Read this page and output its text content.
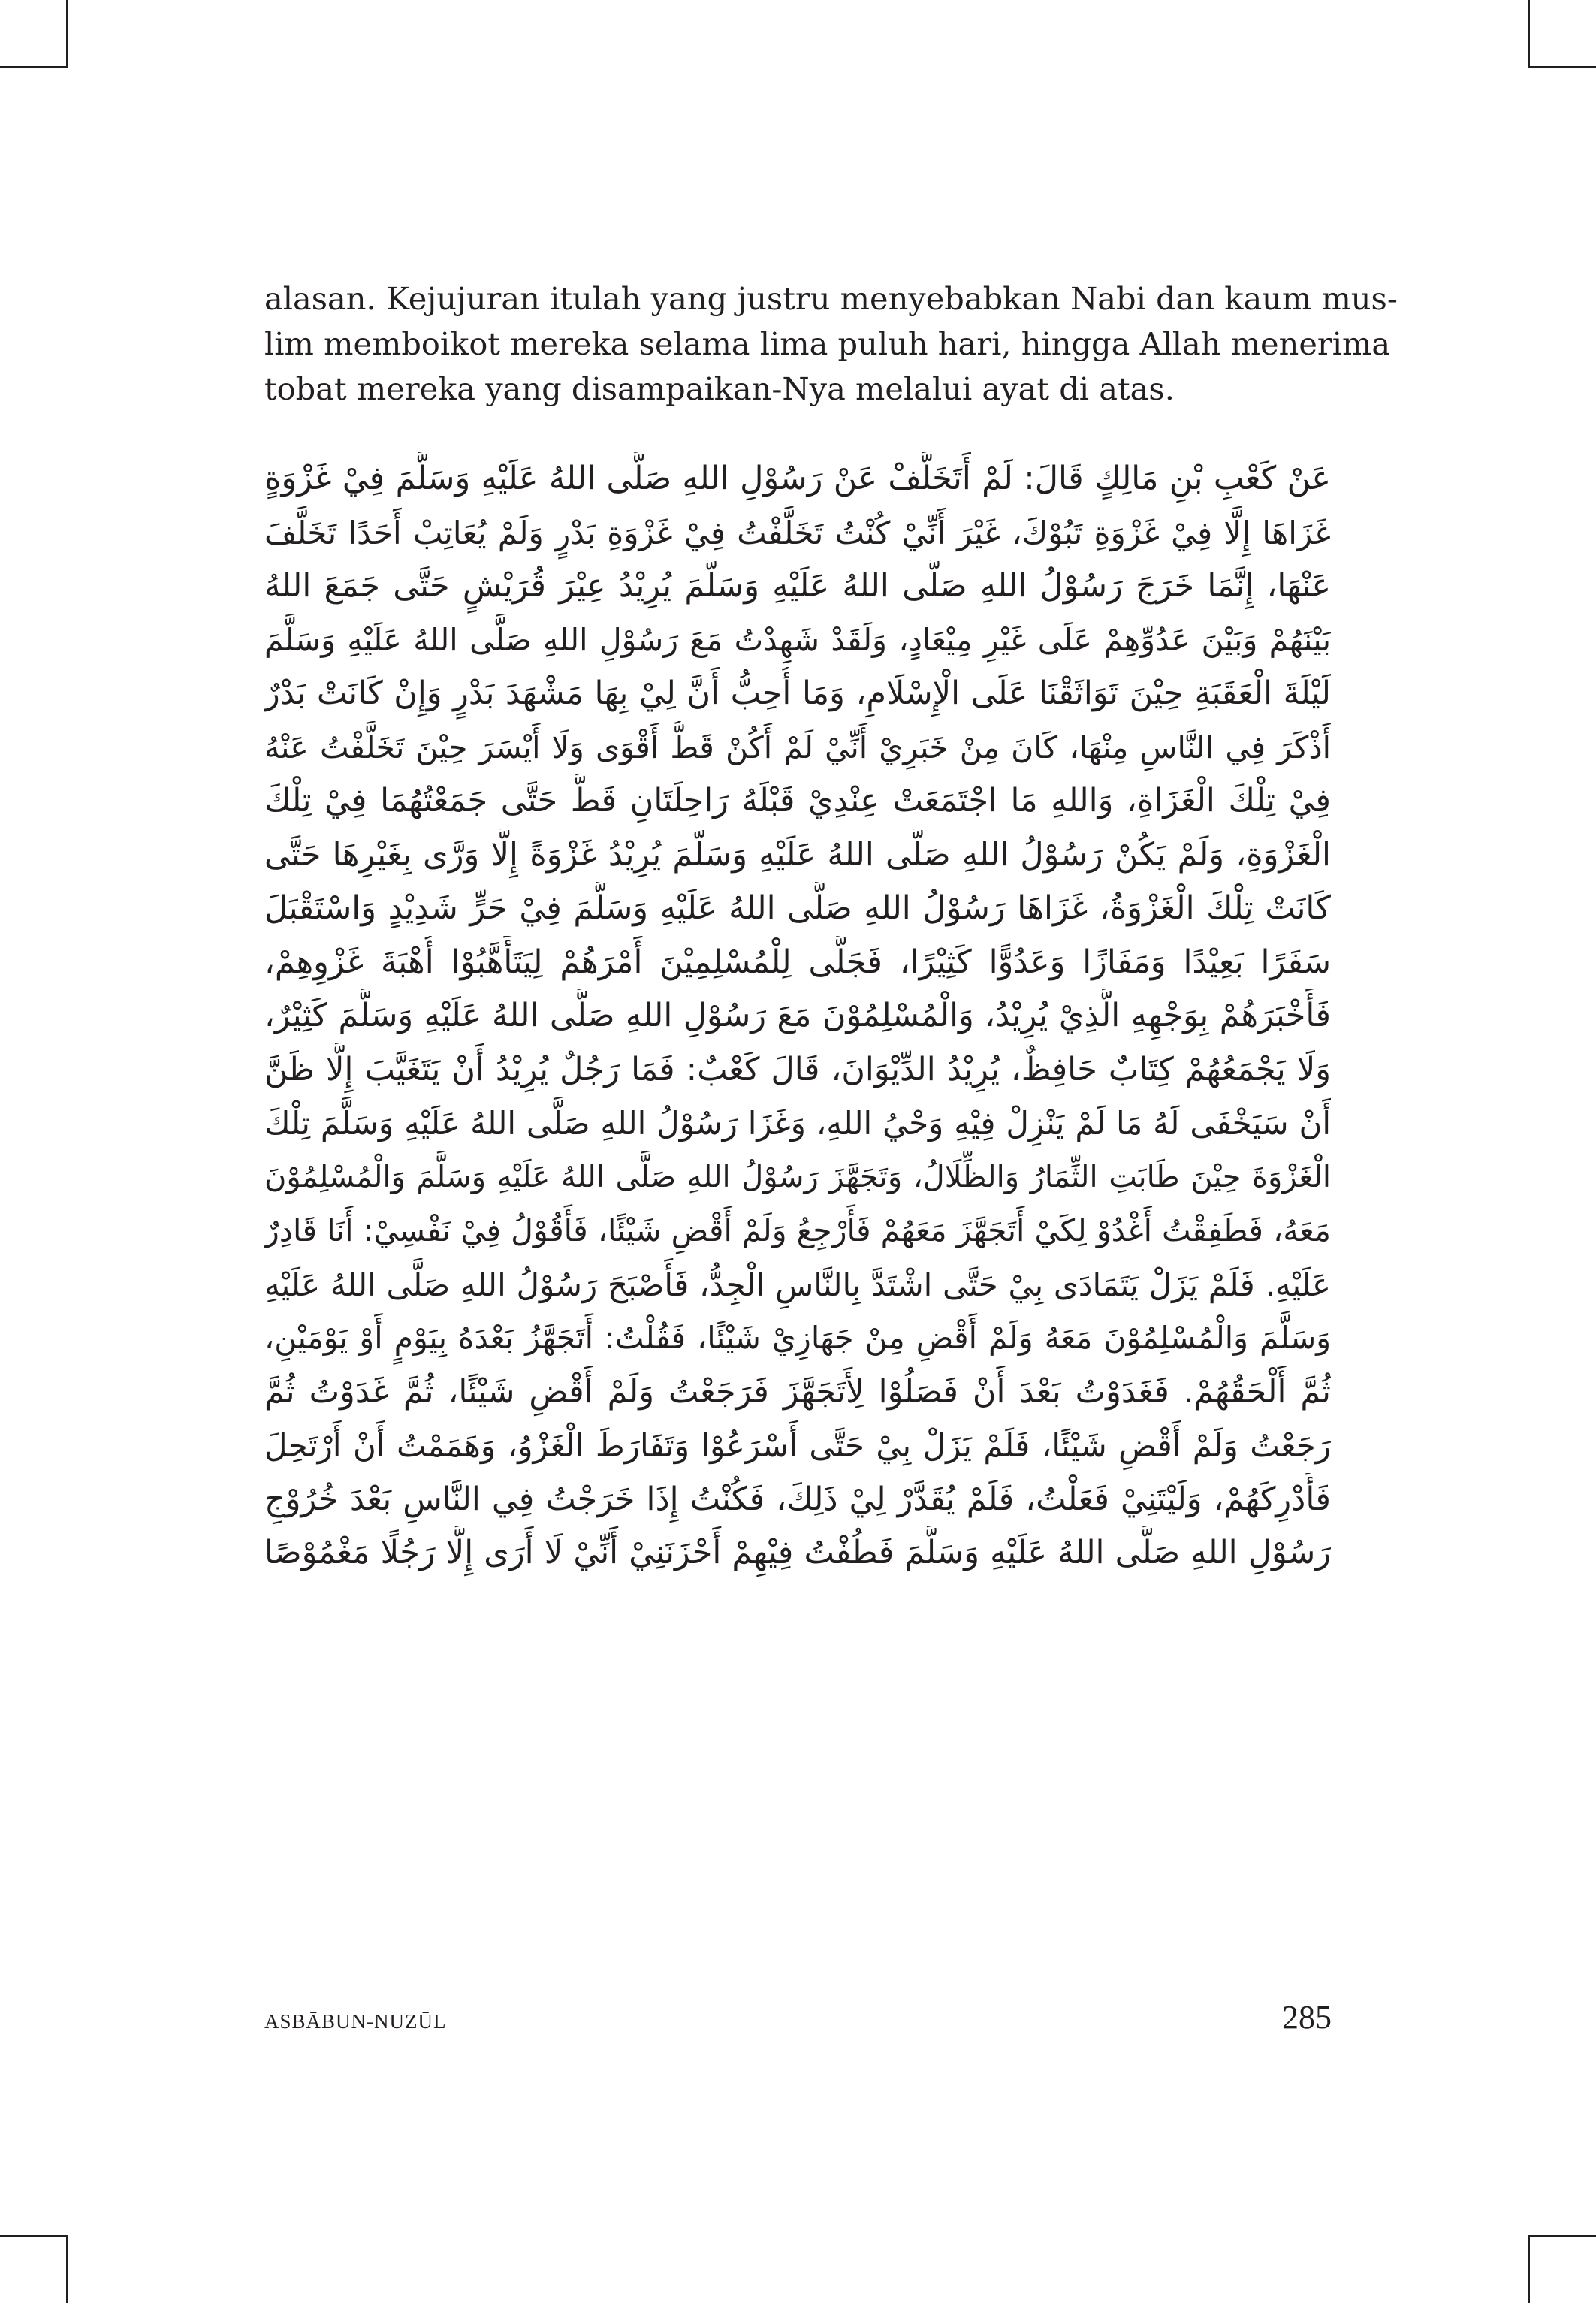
alasan. Kejujuran itulah yang justru menyebabkan Nabi dan kaum mus-
lim memboikot mereka selama lima puluh hari, hingga Allah menerima
tobat mereka yang disampaikan-Nya melalui ayat di atas.
عَنْ كَعْبِ بْنِ مَالِكٍ قَالَ: لَمْ أَتَخَلَّفْ عَنْ رَسُوْلِ اللهِ صَلَّى اللهُ عَلَيْهِ وَسَلَّمَ فِيْ غَزْوَةٍ
غَزَاهَا إِلَّا فِيْ غَزْوَةِ تَبُوْكَ، غَيْرَ أَنِّيْ كُنْتُ تَخَلَّفْتُ فِيْ غَزْوَةِ بَدْرٍ وَلَمْ يُعَاتِبْ أَحَدًا تَخَلَّفَ
عَنْهَا، إِنَّمَا خَرَجَ رَسُوْلُ اللهِ صَلَّى اللهُ عَلَيْهِ وَسَلَّمَ يُرِيْدُ عِيْرَ قُرَيْشٍ حَتَّى جَمَعَ اللهُ
بَيْنَهُمْ وَبَيْنَ عَدُوِّهِمْ عَلَى غَيْرِ مِيْعَادٍ، وَلَقَدْ شَهِدْتُ مَعَ رَسُوْلِ اللهِ صَلَّى اللهُ عَلَيْهِ وَسَلَّمَ
لَيْلَةَ الْعَقَبَةِ حِيْنَ تَوَاثَقْنَا عَلَى الْإِسْلَامِ، وَمَا أُحِبُّ أَنَّ لِيْ بِهَا مَشْهَدَ بَدْرٍ وَإِنْ كَانَتْ بَدْرٌ
أَذْكَرَ فِي النَّاسِ مِنْهَا، كَانَ مِنْ خَبَرِيْ أَنِّيْ لَمْ أَكُنْ قَطُّ أَقْوَى وَلَا أَيْسَرَ حِيْنَ تَخَلَّفْتُ عَنْهُ
فِيْ تِلْكَ الْغَزَاةِ، وَاللهِ مَا اجْتَمَعَتْ عِنْدِيْ قَبْلَهُ رَاحِلَتَانِ قَطُّ حَتَّى جَمَعْتُهُمَا فِيْ تِلْكَ
الْغَزْوَةِ، وَلَمْ يَكُنْ رَسُوْلُ اللهِ صَلَّى اللهُ عَلَيْهِ وَسَلَّمَ يُرِيْدُ غَزْوَةً إِلَّا وَرَّى بِغَيْرِهَا حَتَّى
كَانَتْ تِلْكَ الْغَزْوَةُ، غَزَاهَا رَسُوْلُ اللهِ صَلَّى اللهُ عَلَيْهِ وَسَلَّمَ فِيْ حَرٍّ شَدِيْدٍ وَاسْتَقْبَلَ
سَفَرًا بَعِيْدًا وَمَفَازًا وَعَدُوًّا كَثِيْرًا، فَجَلَّى لِلْمُسْلِمِيْنَ أَمْرَهُمْ لِيَتَأَهَّبُوْا أُهْبَةَ غَزْوِهِمْ،
فَأَخْبَرَهُمْ بِوَجْهِهِ الَّذِيْ يُرِيْدُ، وَالْمُسْلِمُوْنَ مَعَ رَسُوْلِ اللهِ صَلَّى اللهُ عَلَيْهِ وَسَلَّمَ كَثِيْرٌ،
وَلَا يَجْمَعُهُمْ كِتَابٌ حَافِظٌ، يُرِيْدُ الدِّيْوَانَ، قَالَ كَعْبٌ: فَمَا رَجُلٌ يُرِيْدُ أَنْ يَتَغَيَّبَ إِلَّا ظَنَّ
أَنْ سَيَخْفَى لَهُ مَا لَمْ يَنْزِلْ فِيْهِ وَحْيُ اللهِ، وَغَزَا رَسُوْلُ اللهِ صَلَّى اللهُ عَلَيْهِ وَسَلَّمَ تِلْكَ
الْغَزْوَةَ حِيْنَ طَابَتِ الثِّمَارُ وَالظِّلَالُ، وَتَجَهَّزَ رَسُوْلُ اللهِ صَلَّى اللهُ عَلَيْهِ وَسَلَّمَ وَالْمُسْلِمُوْنَ
مَعَهُ، فَطَفِقْتُ أَغْدُوْ لِكَيْ أَتَجَهَّزَ مَعَهُمْ فَأَرْجِعُ وَلَمْ أَقْضِ شَيْئًا، فَأَقُوْلُ فِيْ نَفْسِيْ: أَنَا قَادِرٌ
عَلَيْهِ. فَلَمْ يَزَلْ يَتَمَادَى بِيْ حَتَّى اشْتَدَّ بِالنَّاسِ الْجِدُّ، فَأَصْبَحَ رَسُوْلُ اللهِ صَلَّى اللهُ عَلَيْهِ
وَسَلَّمَ وَالْمُسْلِمُوْنَ مَعَهُ وَلَمْ أَقْضِ مِنْ جَهَازِيْ شَيْئًا، فَقُلْتُ: أَتَجَهَّزُ بَعْدَهُ بِيَوْمٍ أَوْ يَوْمَيْنِ،
ثُمَّ أَلْحَقُهُمْ. فَغَدَوْتُ بَعْدَ أَنْ فَصَلُوْا لِأَتَجَهَّزَ فَرَجَعْتُ وَلَمْ أَقْضِ شَيْئًا، ثُمَّ غَدَوْتُ ثُمَّ
رَجَعْتُ وَلَمْ أَقْضِ شَيْئًا، فَلَمْ يَزَلْ بِيْ حَتَّى أَسْرَعُوْا وَتَفَارَطَ الْغَزْوُ، وَهَمَمْتُ أَنْ أَرْتَحِلَ
فَأُدْرِكَهُمْ، وَلَيْتَنِيْ فَعَلْتُ، فَلَمْ يُقَدَّرْ لِيْ ذَلِكَ، فَكُنْتُ إِذَا خَرَجْتُ فِي النَّاسِ بَعْدَ خُرُوْجِ
رَسُوْلِ اللهِ صَلَّى اللهُ عَلَيْهِ وَسَلَّمَ فَطُفْتُ فِيْهِمْ أَحْزَنَنِيْ أَنِّيْ لَا أَرَى إِلَّا رَجُلًا مَغْمُوْصًا
ASBĀBUN-NUZŪL	285
